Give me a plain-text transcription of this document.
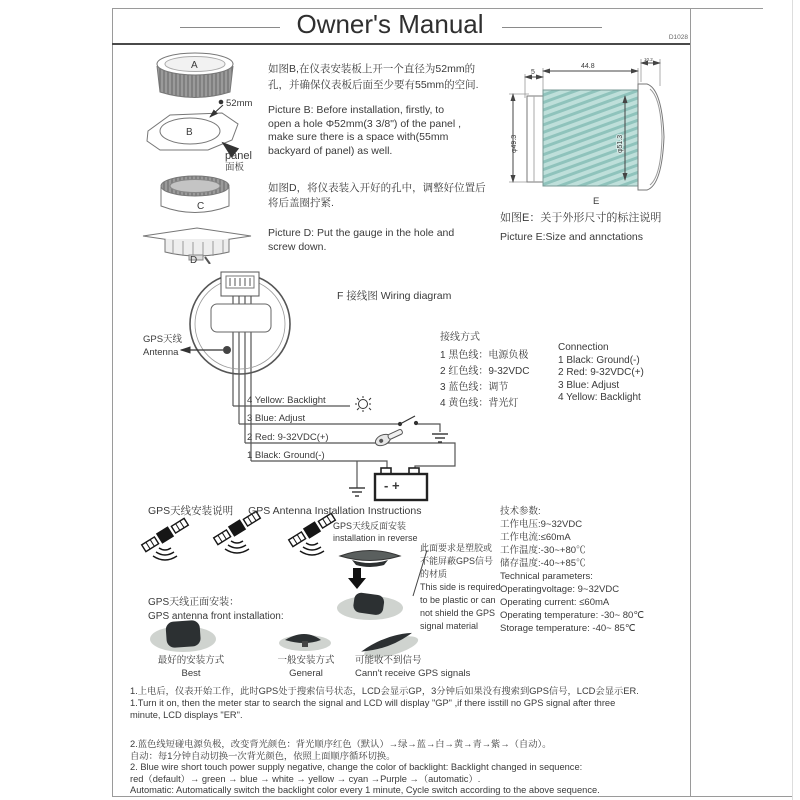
Owner's Manual	D1028
A
B
52mm
C
D
panel
面板
如图B,在仪表安装板上开一个直径为52mm的
孔，并确保仪表板后面至少要有55mm的空间.
Picture B: Before installation, firstly, to
open a hole Φ52mm(3 3/8") of the panel ,
make sure there is a space with(55mm
backyard of panel) as well.
如图D，将仪表装入开好的孔中，调整好位置后
将后盖圈拧紧.
Picture D: Put the gauge in the hole and
screw down.
5
44.8
10.2
φ49.3	φ51.3
E
如图E：关于外形尺寸的标注说明
Picture E:Size and annctations
F 接线图 Wiring diagram
GPS天线
Antenna
- +
4 Yellow: Backlight
3 Blue: Adjust
2 Red: 9-32VDC(+)
1 Black: Ground(-)
接线方式
1 黑色线：电源负极
2 红色线：9-32VDC
3 蓝色线：调节
4 黄色线：背光灯
Connection
1 Black: Ground(-)
2 Red: 9-32VDC(+)
3 Blue: Adjust
4 Yellow: Backlight
GPS天线安装说明 GPS Antenna Installation Instructions
GPS天线反面安装
installation in reverse
此面要求是塑胶或
不能屏蔽GPS信号
的材质
This side is required
to be plastic or can
not shield the GPS
signal material
GPS天线正面安装：
GPS antenna front installation:
最好的安装方式
Best
一般安装方式
General
可能收不到信号
Cann't receive GPS signals
技术参数:
工作电压:9~32VDC
工作电流:≤60mA
工作温度:-30~+80℃
储存温度:-40~+85℃
Technical parameters:
Operatingvoltage: 9~32VDC
Operating current: ≤60mA
Operating temperature: -30~ 80℃
Storage temperature: -40~ 85℃
1.上电后，仪表开始工作，此时GPS处于搜索信号状态，LCD会显示GP，3分钟后如果没有搜索到GPS信号，LCD会显示ER.
1.Turn it on, then the meter star to search the signal and LCD will display "GP" ,if there isstill no GPS signal after three
minute, LCD displays "ER".
2.蓝色线短碰电源负极，改变背光颜色：背光顺序红色（默认）→绿→蓝→白→黄→青→紫→（自动）。
自动：每1分钟自动切换一次背光颜色，依照上面顺序循环切换。
2. Blue wire short touch power supply negative, change the color of backlight: Backlight changed in sequence:
red（default）→ green → blue → white → yellow → cyan →Purple →（automatic）.
Automatic: Automatically switch the backlight color every 1 minute, Cycle switch according to the above sequence.
